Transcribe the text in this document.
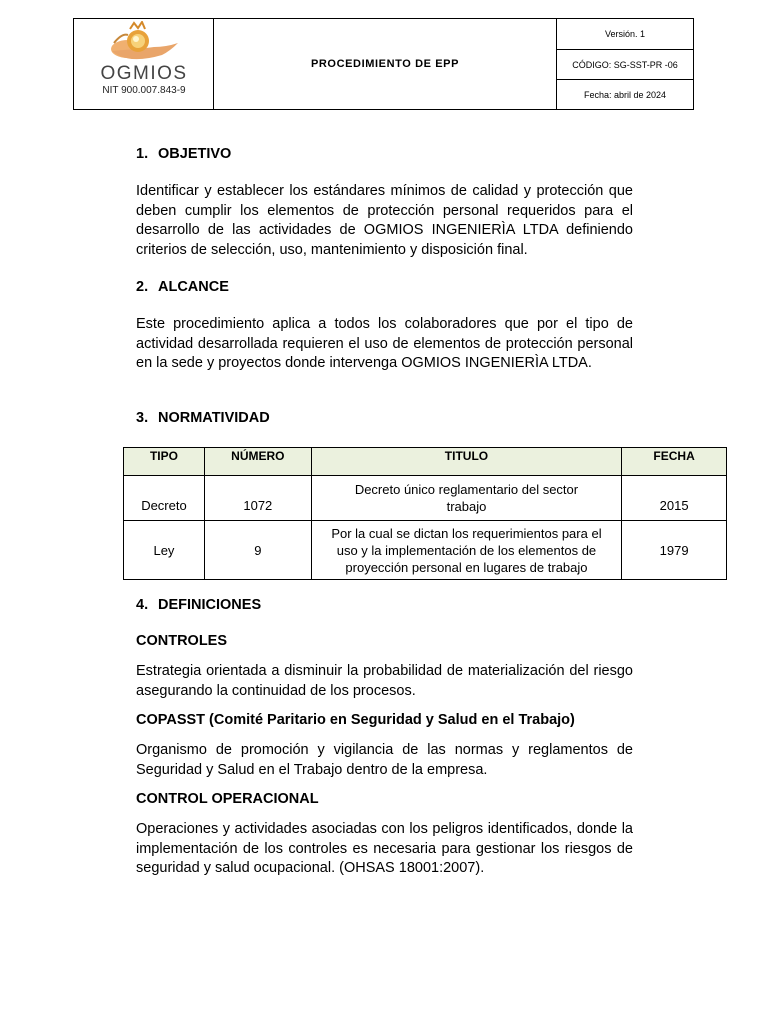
OGMIOS
NIT 900.007.843-9
PROCEDIMIENTO DE EPP
Versión. 1
CÓDIGO: SG-SST-PR -06
Fecha: abril de 2024
1. OBJETIVO
Identificar y establecer los estándares mínimos de calidad y protección que deben cumplir los elementos de protección personal requeridos para el desarrollo de las actividades de OGMIOS INGENIERÌA LTDA definiendo criterios de selección, uso, mantenimiento y disposición final.
2. ALCANCE
Este procedimiento aplica a todos los colaboradores que por el tipo de actividad desarrollada requieren el uso de elementos de protección personal en la sede y proyectos donde intervenga OGMIOS INGENIERÌA LTDA.
3. NORMATIVIDAD
TIPO	NÚMERO	TITULO	FECHA
Decreto	1072	Decreto único reglamentario del sector trabajo	2015
Ley	9	Por la cual se dictan los requerimientos para el uso y la implementación de los elementos de proyección personal en lugares de trabajo	1979
4. DEFINICIONES
CONTROLES
Estrategia orientada a disminuir la probabilidad de materialización del riesgo asegurando la continuidad de los procesos.
COPASST (Comité Paritario en Seguridad y Salud en el Trabajo)
Organismo de promoción y vigilancia de las normas y reglamentos de Seguridad y Salud en el Trabajo dentro de la empresa.
CONTROL OPERACIONAL
Operaciones y actividades asociadas con los peligros identificados, donde la implementación de los controles es necesaria para gestionar los riesgos de seguridad y salud ocupacional. (OHSAS 18001:2007).
